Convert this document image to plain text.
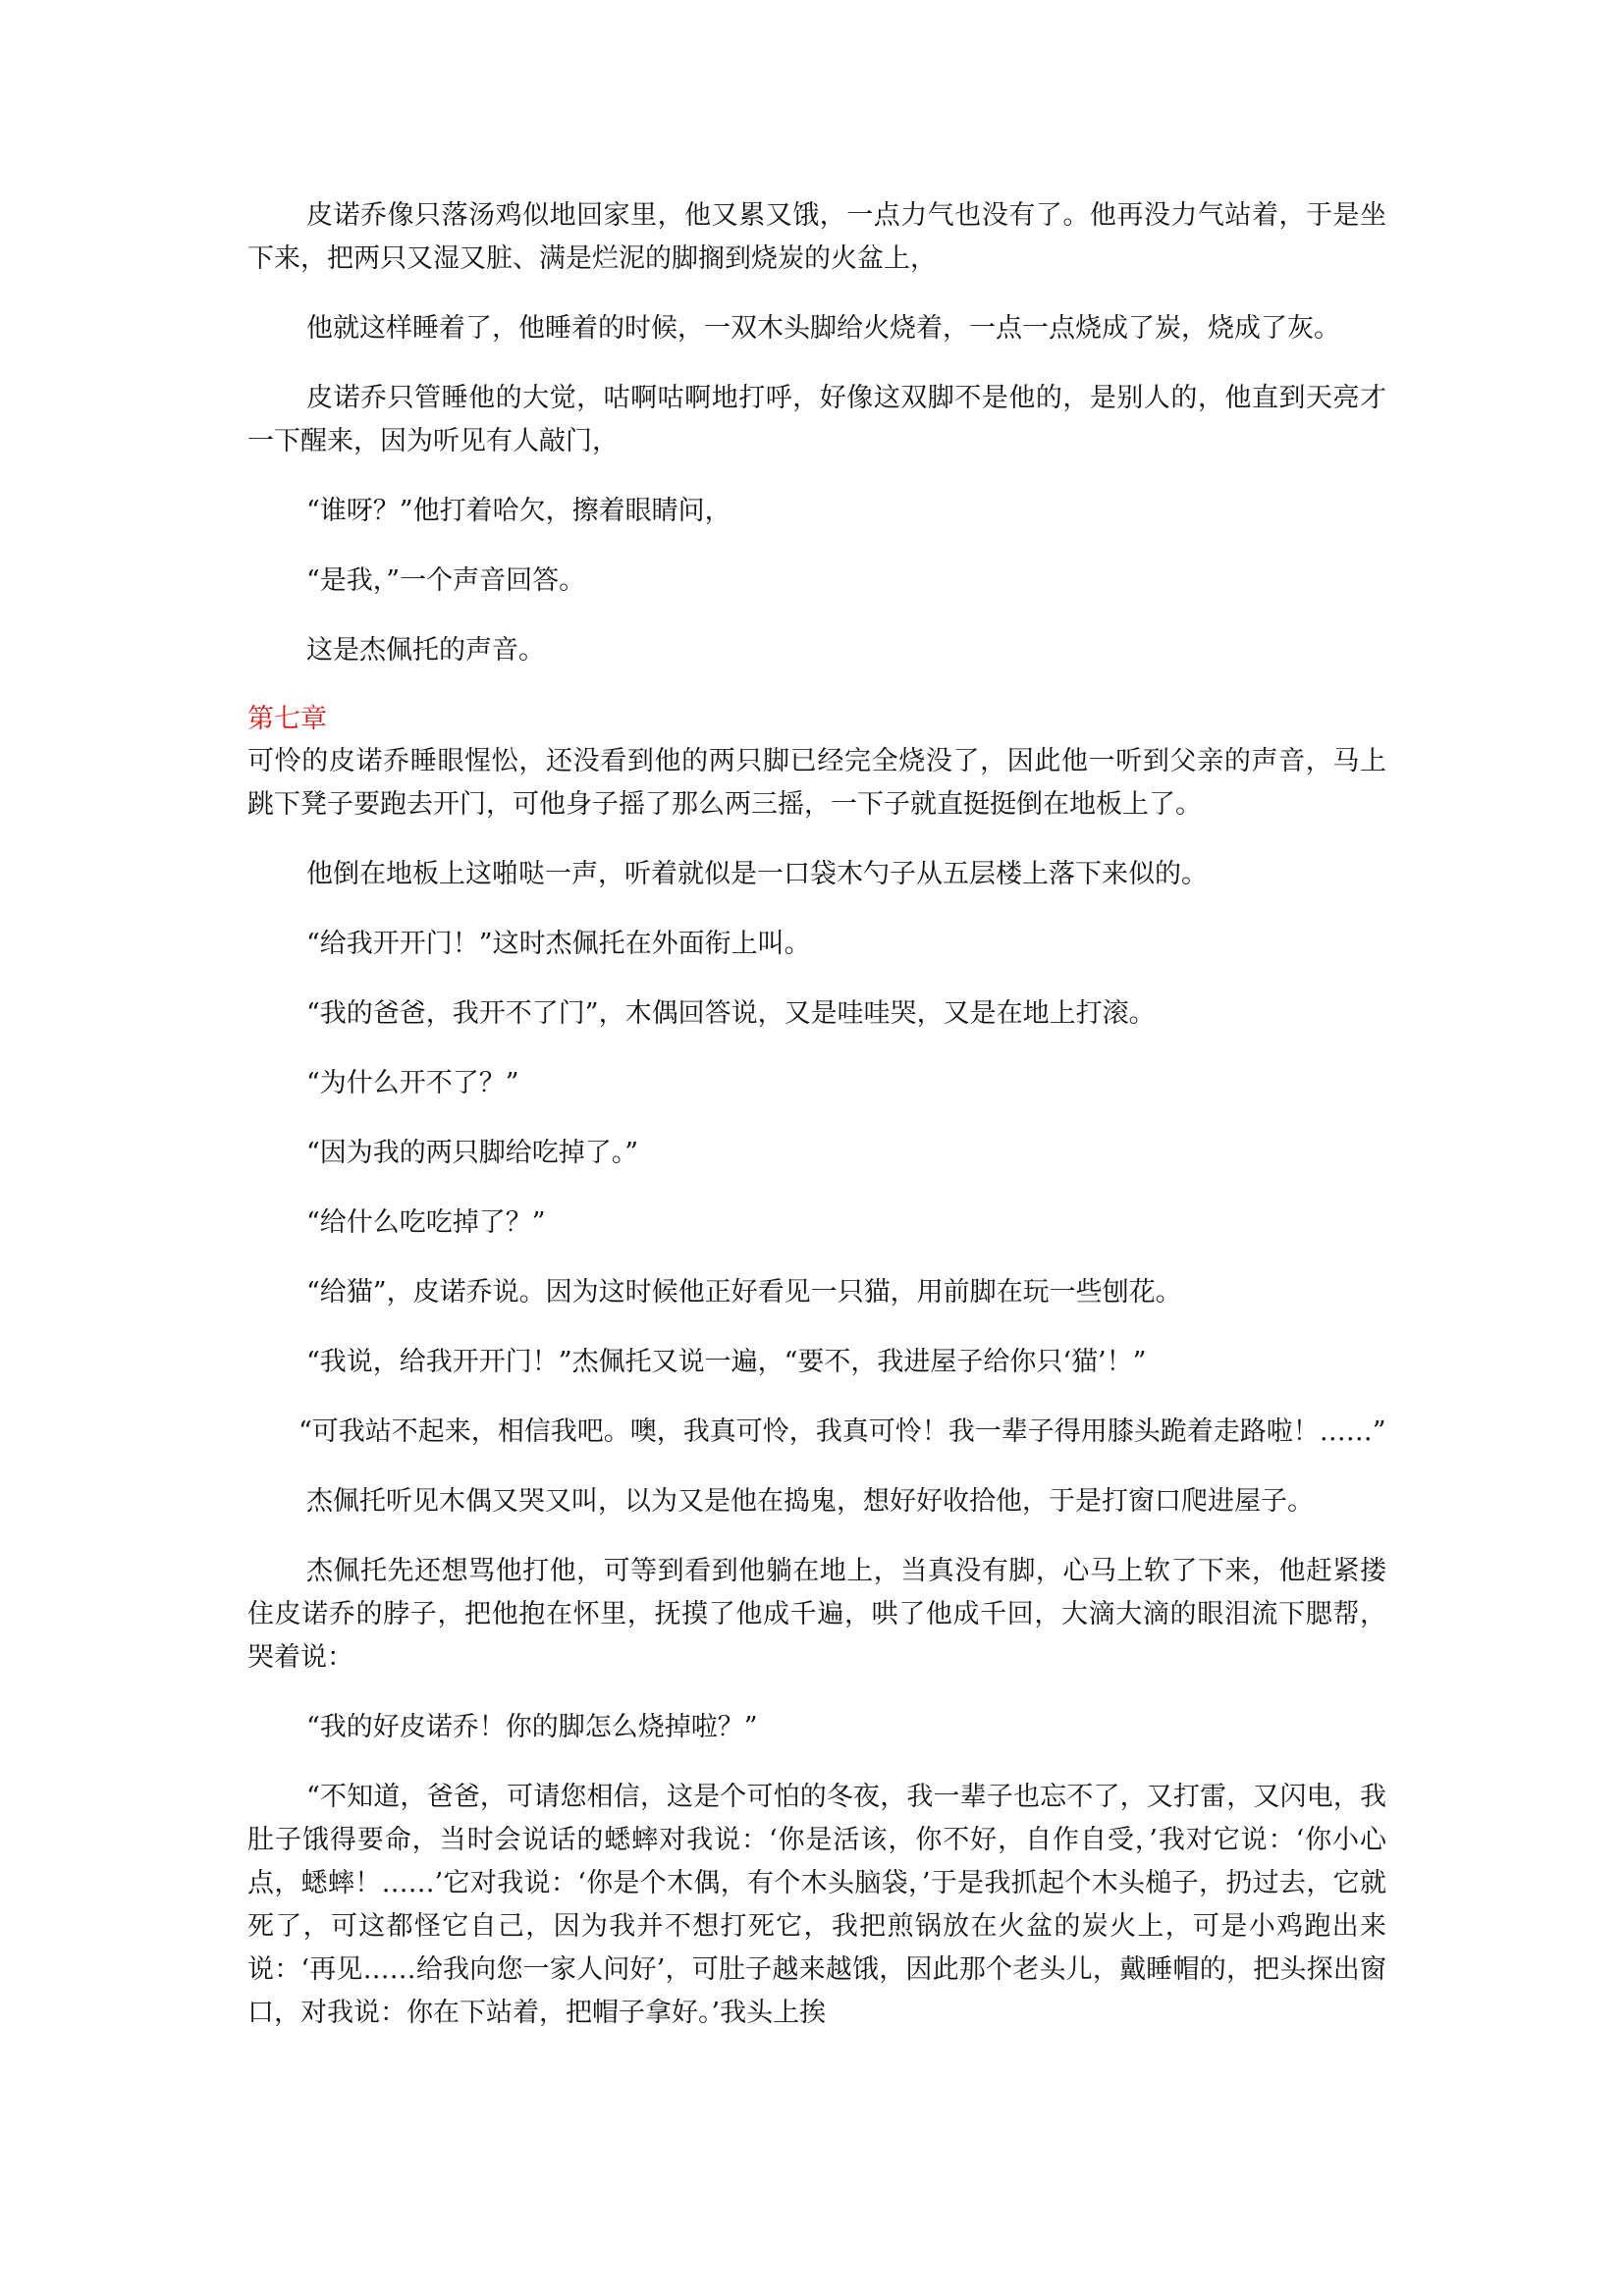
皮诺乔像只落汤鸡似地回家里，他又累又饿，一点力气也没有了。他再没力气站着，于是坐下来，把两只又湿又脏、满是烂泥的脚搁到烧炭的火盆上，

他就这样睡着了，他睡着的时候，一双木头脚给火烧着，一点一点烧成了炭，烧成了灰。

皮诺乔只管睡他的大觉，咕啊咕啊地打呼，好像这双脚不是他的，是别人的，他直到天亮才一下醒来，因为听见有人敲门，

“谁呀？”他打着哈欠，擦着眼睛问，

“是我，”一个声音回答。

这是杰佩托的声音。

第七章

可怜的皮诺乔睡眼惺忪，还没看到他的两只脚已经完全烧没了，因此他一听到父亲的声音，马上跳下凳子要跑去开门，可他身子摇了那么两三摇，一下子就直挺挺倒在地板上了。

他倒在地板上这啪哒一声，听着就似是一口袋木勺子从五层楼上落下来似的。

“给我开开门！”这时杰佩托在外面衔上叫。

“我的爸爸，我开不了门”，木偶回答说，又是哇哇哭，又是在地上打滚。

“为什么开不了？”

“因为我的两只脚给吃掉了。”

“给什么吃吃掉了？”

“给猫”，皮诺乔说。因为这时候他正好看见一只猫，用前脚在玩一些刨花。

“我说，给我开开门！”杰佩托又说一遍，“要不，我进屋子给你只‘猫’！”

“可我站不起来，相信我吧。噢，我真可怜，我真可怜！我一辈子得用膝头跪着走路啦！……”

杰佩托听见木偶又哭又叫，以为又是他在捣鬼，想好好收拾他，于是打窗口爬进屋子。

杰佩托先还想骂他打他，可等到看到他躺在地上，当真没有脚，心马上软了下来，他赶紧搂住皮诺乔的脖子，把他抱在怀里，抚摸了他成千遍，哄了他成千回，大滴大滴的眼泪流下腮帮，哭着说：

“我的好皮诺乔！你的脚怎么烧掉啦？”

“不知道，爸爸，可请您相信，这是个可怕的冬夜，我一辈子也忘不了，又打雷，又闪电，我肚子饿得要命，当时会说话的蟋蟀对我说：‘你是活该，你不好，自作自受，’我对它说：‘你小心点，蟋蟀！……’它对我说：‘你是个木偶，有个木头脑袋，’于是我抓起个木头槌子，扔过去，它就死了，可这都怪它自己，因为我并不想打死它，我把煎锅放在火盆的炭火上，可是小鸡跑出来说：‘再见……给我向您一家人问好’，可肚子越来越饿，因此那个老头儿，戴睡帽的，把头探出窗口，对我说：你在下站着，把帽子拿好。’我头上挨
